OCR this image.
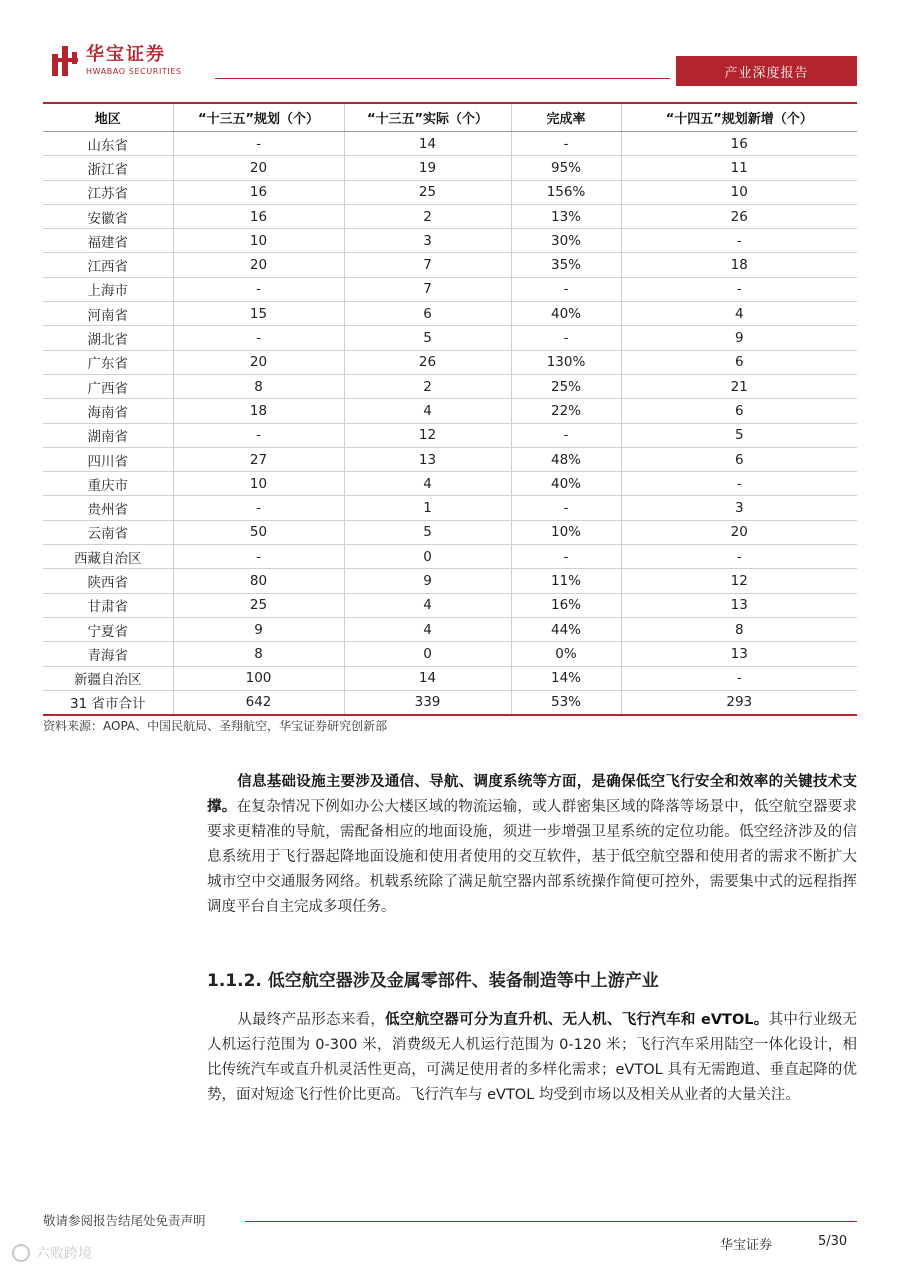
华宝证券
HWABAO SECURITIES	产业深度报告
地区	“十三五”规划（个）	“十三五”实际（个）	完成率	“十四五”规划新增（个）
山东省	-	14	-	16
浙江省	20	19	95%	11
江苏省	16	25	156%	10
安徽省	16	2	13%	26
福建省	10	3	30%	-
江西省	20	7	35%	18
上海市	-	7	-	-
河南省	15	6	40%	4
湖北省	-	5	-	9
广东省	20	26	130%	6
广西省	8	2	25%	21
海南省	18	4	22%	6
湖南省	-	12	-	5
四川省	27	13	48%	6
重庆市	10	4	40%	-
贵州省	-	1	-	3
云南省	50	5	10%	20
西藏自治区	-	0	-	-
陕西省	80	9	11%	12
甘肃省	25	4	16%	13
宁夏省	9	4	44%	8
青海省	8	0	0%	13
新疆自治区	100	14	14%	-
31 省市合计	642	339	53%	293
资料来源：AOPA、中国民航局、圣翔航空，华宝证券研究创新部

信息基础设施主要涉及通信、导航、调度系统等方面，是确保低空飞行安全和效率的关键技术支撑。在复杂情况下例如办公大楼区域的物流运输，或人群密集区域的降落等场景中，低空航空器要求要求更精准的导航，需配备相应的地面设施，须进一步增强卫星系统的定位功能。低空经济涉及的信息系统用于飞行器起降地面设施和使用者使用的交互软件，基于低空航空器和使用者的需求不断扩大城市空中交通服务网络。机载系统除了满足航空器内部系统操作简便可控外，需要集中式的远程指挥调度平台自主完成多项任务。

1.1.2. 低空航空器涉及金属零部件、装备制造等中上游产业

从最终产品形态来看，低空航空器可分为直升机、无人机、飞行汽车和 eVTOL。其中行业级无人机运行范围为 0-300 米，消费级无人机运行范围为 0-120 米；飞行汽车采用陆空一体化设计，相比传统汽车或直升机灵活性更高，可满足使用者的多样化需求；eVTOL 具有无需跑道、垂直起降的优势，面对短途飞行性价比更高。飞行汽车与 eVTOL 均受到市场以及相关从业者的大量关注。

敬请参阅报告结尾处免责声明
华宝证券	5/30
六败跨境
